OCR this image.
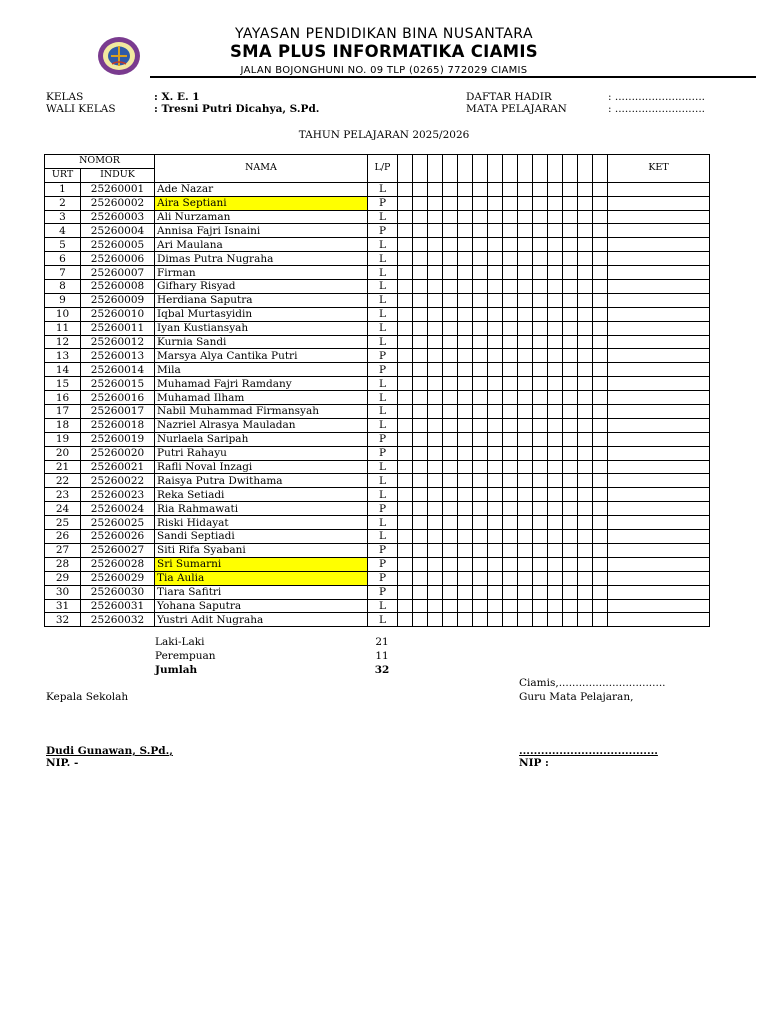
YAYASAN PENDIDIKAN BINA NUSANTARA
SMA PLUS INFORMATIKA CIAMIS
JALAN BOJONGHUNI NO. 09 TLP (0265) 772029 CIAMIS
KELAS	: X. E. 1
WALI KELAS	: Tresni Putri Dicahya, S.Pd.
DAFTAR HADIR	: ...........................
MATA PELAJARAN	: ...........................
TAHUN PELAJARAN 2025/2026
NOMOR		NAMA	L/P															KET
URT	INDUK																	
1	25260001	Ade Nazar	L															
2	25260002	Aira Septiani	P															
3	25260003	Ali Nurzaman	L															
4	25260004	Annisa Fajri Isnaini	P															
5	25260005	Ari Maulana	L															
6	25260006	Dimas Putra Nugraha	L															
7	25260007	Firman	L															
8	25260008	Gifhary Risyad	L															
9	25260009	Herdiana Saputra	L															
10	25260010	Iqbal Murtasyidin	L															
11	25260011	Iyan Kustiansyah	L															
12	25260012	Kurnia Sandi	L															
13	25260013	Marsya Alya Cantika Putri	P															
14	25260014	Mila	P															
15	25260015	Muhamad Fajri Ramdany	L															
16	25260016	Muhamad Ilham	L															
17	25260017	Nabil Muhammad Firmansyah	L															
18	25260018	Nazriel Alrasya Mauladan	L															
19	25260019	Nurlaela Saripah	P															
20	25260020	Putri Rahayu	P															
21	25260021	Rafli Noval Inzagi	L															
22	25260022	Raisya Putra Dwithama	L															
23	25260023	Reka Setiadi	L															
24	25260024	Ria Rahmawati	P															
25	25260025	Riski Hidayat	L															
26	25260026	Sandi Septiadi	L															
27	25260027	Siti Rifa Syabani	P															
28	25260028	Sri Sumarni	P															
29	25260029	Tia Aulia	P															
30	25260030	Tiara Safitri	P															
31	25260031	Yohana Saputra	L															
32	25260032	Yustri Adit Nugraha	L															
Laki-Laki	21
Perempuan	11
Jumlah	32
Ciamis,................................
Kepala Sekolah	Guru Mata Pelajaran,
Dudi Gunawan, S.Pd.,
NIP. -
......................................
NIP :
